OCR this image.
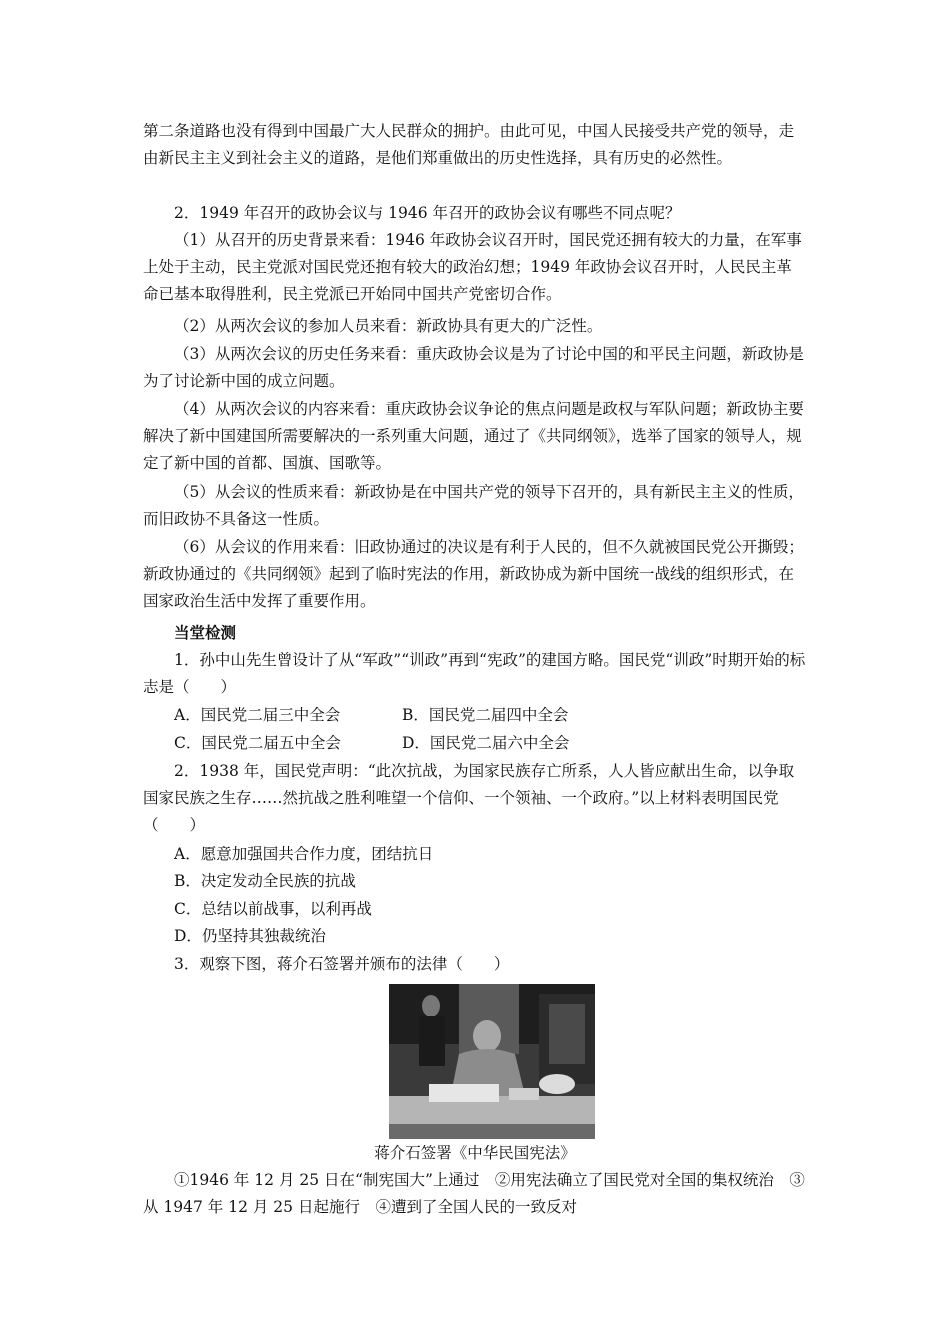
第二条道路也没有得到中国最广大人民群众的拥护。由此可见，中国人民接受共产党的领导，走由新民主主义到社会主义的道路，是他们郑重做出的历史性选择，具有历史的必然性。

2．1949 年召开的政协会议与 1946 年召开的政协会议有哪些不同点呢？

（1）从召开的历史背景来看：1946 年政协会议召开时，国民党还拥有较大的力量，在军事上处于主动，民主党派对国民党还抱有较大的政治幻想；1949 年政协会议召开时，人民民主革命已基本取得胜利，民主党派已开始同中国共产党密切合作。

（2）从两次会议的参加人员来看：新政协具有更大的广泛性。

（3）从两次会议的历史任务来看：重庆政协会议是为了讨论中国的和平民主问题，新政协是为了讨论新中国的成立问题。

（4）从两次会议的内容来看：重庆政协会议争论的焦点问题是政权与军队问题；新政协主要解决了新中国建国所需要解决的一系列重大问题，通过了《共同纲领》，选举了国家的领导人，规定了新中国的首都、国旗、国歌等。

（5）从会议的性质来看：新政协是在中国共产党的领导下召开的，具有新民主主义的性质，而旧政协不具备这一性质。

（6）从会议的作用来看：旧政协通过的决议是有利于人民的，但不久就被国民党公开撕毁；新政协通过的《共同纲领》起到了临时宪法的作用，新政协成为新中国统一战线的组织形式，在国家政治生活中发挥了重要作用。

当堂检测

1．孙中山先生曾设计了从“军政”“训政”再到“宪政”的建国方略。国民党“训政”时期开始的标志是（　　）

A．国民党二届三中全会	B．国民党二届四中全会
C．国民党二届五中全会	D．国民党二届六中全会

2．1938 年，国民党声明：“此次抗战，为国家民族存亡所系，人人皆应献出生命，以争取国家民族之生存……然抗战之胜利唯望一个信仰、一个领袖、一个政府。”以上材料表明国民党（　　）

A．愿意加强国共合作力度，团结抗日

B．决定发动全民族的抗战

C．总结以前战事，以利再战

D．仍坚持其独裁统治

3．观察下图，蒋介石签署并颁布的法律（　　）

蒋介石签署《中华民国宪法》

①1946 年 12 月 25 日在“制宪国大”上通过　②用宪法确立了国民党对全国的集权统治　③从 1947 年 12 月 25 日起施行　④遭到了全国人民的一致反对
